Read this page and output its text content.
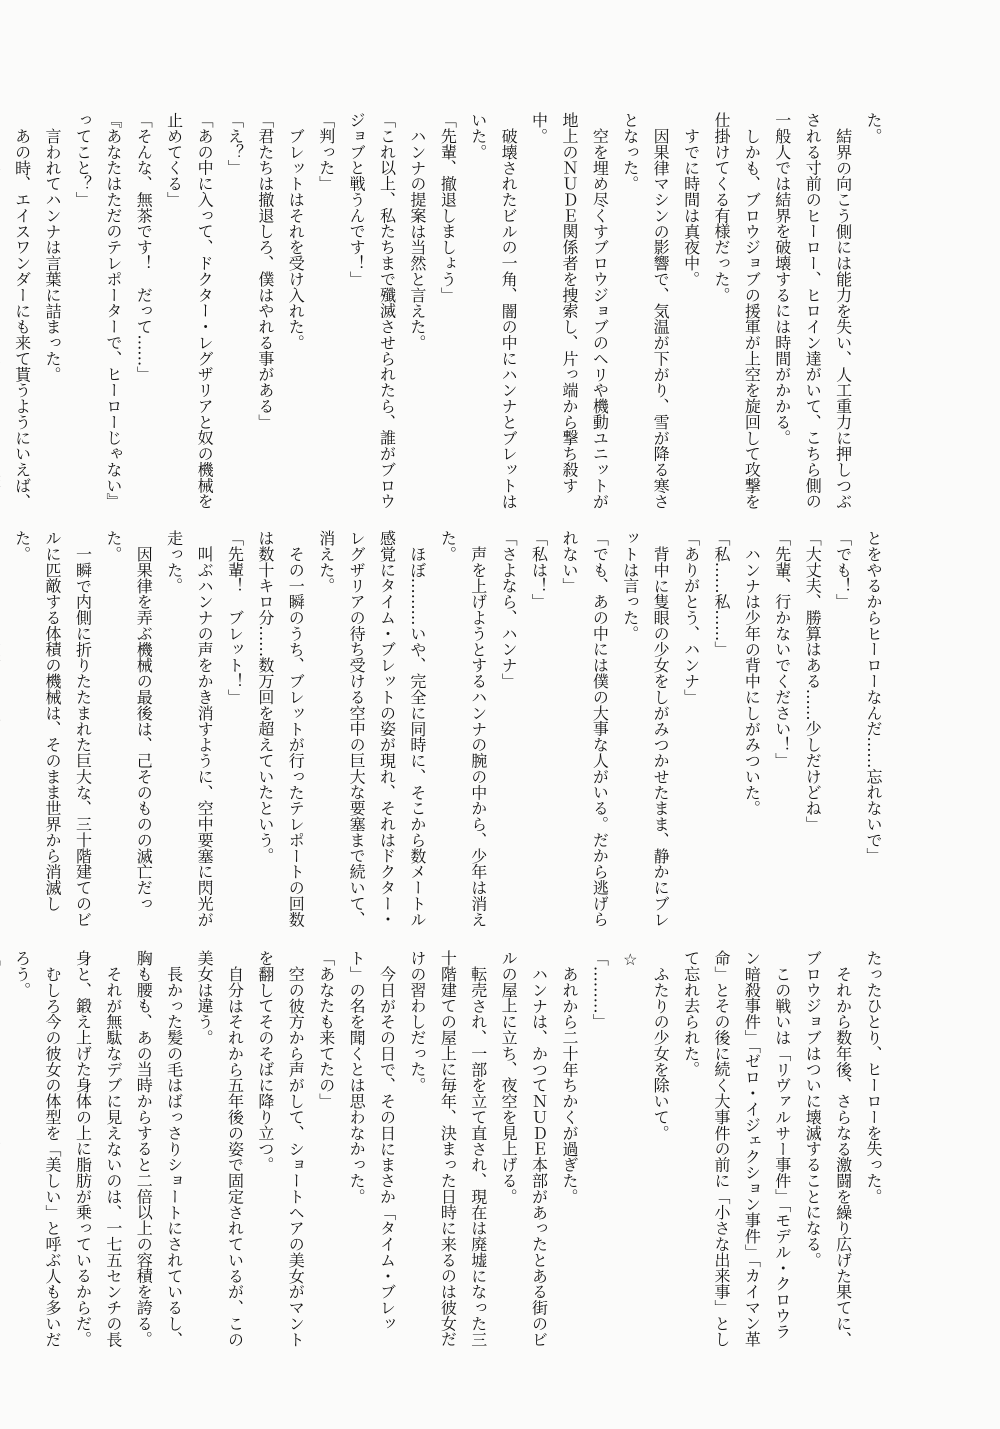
た。

結界の向こう側には能力を失い、人工重力に押しつぶされる寸前のヒーロー、ヒロイン達がいて、こちら側の一般人では結界を破壊するには時間がかかる。

しかも、ブロウジョブの援軍が上空を旋回して攻撃を仕掛けてくる有様だった。

すでに時間は真夜中。

因果律マシンの影響で、気温が下がり、雪が降る寒さとなった。

空を埋め尽くすブロウジョブのヘリや機動ユニットが地上のＮＵＤＥ関係者を捜索し、片っ端から撃ち殺す中。

破壊されたビルの一角、闇の中にハンナとブレットはいた。

「先輩、撤退しましょう」

ハンナの提案は当然と言えた。

「これ以上、私たちまで殲滅させられたら、誰がブロウジョブと戦うんです！」

「判った」

ブレットはそれを受け入れた。

「君たちは撤退しろ、僕はやれる事がある」

「え？」

「あの中に入って、ドクター・レグザリアと奴の機械を止めてくる」

「そんな、無茶です！　だって……」

『あなたはただのテレポーターで、ヒーローじゃない』ってこと？」

言われてハンナは言葉に詰まった。

あの時、エイスワンダーにも来て貰うようにいえば、

とをやるからヒーローなんだ……忘れないで」

「でも！」

「大丈夫、勝算はある……少しだけどね」

「先輩、行かないでください！」

ハンナは少年の背中にしがみついた。

「私……私……」

「ありがとう、ハンナ」

背中に隻眼の少女をしがみつかせたまま、静かにブレットは言った。

「でも、あの中には僕の大事な人がいる。だから逃げられない」

「私は！」

「さよなら、ハンナ」

声を上げようとするハンナの腕の中から、少年は消えた。

ほぼ………いや、完全に同時に、そこから数メートル感覚にタイム・ブレットの姿が現れ、それはドクター・レグザリアの待ち受ける空中の巨大な要塞まで続いて、消えた。

その一瞬のうち、ブレットが行ったテレポートの回数は数十キロ分……数万回を超えていたという。

「先輩！　ブレット！」

叫ぶハンナの声をかき消すように、空中要塞に閃光が走った。

因果律を弄ぶ機械の最後は、己そのものの滅亡だった。

一瞬で内側に折りたたまれた巨大な、三十階建てのビルに匹敵する体積の機械は、そのまま世界から消滅した。

たったひとり、ヒーローを失った。

それから数年後、さらなる激闘を繰り広げた果てに、ブロウジョブはついに壊滅することになる。

この戦いは「リヴァルサー事件」「モデル・クロウラン暗殺事件」「ゼロ・イジェクション事件」「カイマン革命」とその後に続く大事件の前に「小さな出来事」として忘れ去られた。

ふたりの少女を除いて。

☆

「………」

あれから二十年ちかくが過ぎた。

ハンナは、かつてＮＵＤＥ本部があったとある街のビルの屋上に立ち、夜空を見上げる。

転売され、一部を立て直され、現在は廃墟になった三十階建ての屋上に毎年、決まった日時に来るのは彼女だけの習わしだった。

今日がその日で、その日にまさか「タイム・ブレット」の名を聞くとは思わなかった。

「あなたも来てたの」

空の彼方から声がして、ショートヘアの美女がマントを翻してそのそばに降り立つ。

自分はそれから五年後の姿で固定されているが、この美女は違う。

長かった髪の毛はばっさりショートにされているし、胸も腰も、あの当時からすると二倍以上の容積を誇る。

それが無駄なデブに見えないのは、一七五センチの長身と、鍛え上げた身体の上に脂肪が乗っているからだ。

むしろ今の彼女の体型を「美しい」と呼ぶ人も多いだろう。
